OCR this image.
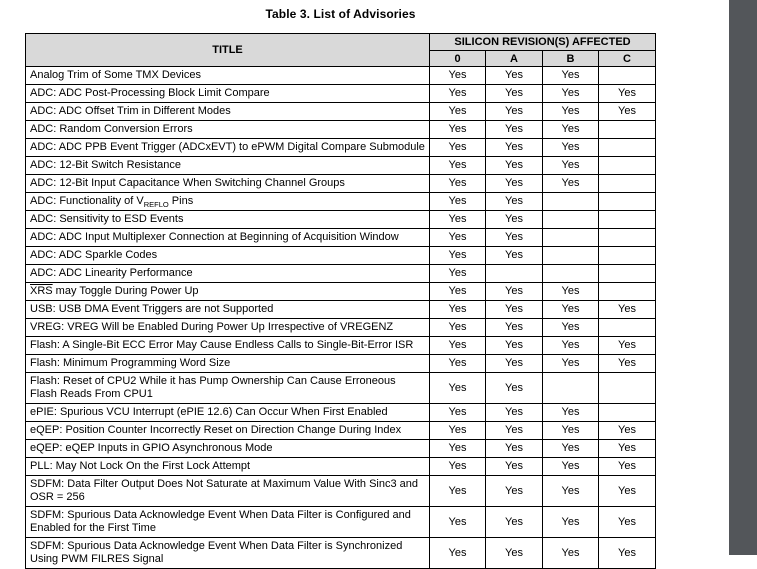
Table 3. List of Advisories
TITLE	SILICON REVISION(S) AFFECTED			
	0	A	B	C
Analog Trim of Some TMX Devices	Yes	Yes	Yes	
ADC: ADC Post-Processing Block Limit Compare	Yes	Yes	Yes	Yes
ADC: ADC Offset Trim in Different Modes	Yes	Yes	Yes	Yes
ADC: Random Conversion Errors	Yes	Yes	Yes	
ADC: ADC PPB Event Trigger (ADCxEVT) to ePWM Digital Compare Submodule	Yes	Yes	Yes	
ADC: 12-Bit Switch Resistance	Yes	Yes	Yes	
ADC: 12-Bit Input Capacitance When Switching Channel Groups	Yes	Yes	Yes	
ADC: Functionality of $V_{REFLO}$ Pins	Yes	Yes		
ADC: Sensitivity to ESD Events	Yes	Yes		
ADC: ADC Input Multiplexer Connection at Beginning of Acquisition Window	Yes	Yes		
ADC: ADC Sparkle Codes	Yes	Yes		
ADC: ADC Linearity Performance	Yes			
$\overline{XRS}$ may Toggle During Power Up	Yes	Yes	Yes	
USB: USB DMA Event Triggers are not Supported	Yes	Yes	Yes	Yes
VREG: VREG Will be Enabled During Power Up Irrespective of VREGENZ	Yes	Yes	Yes	
Flash: A Single-Bit ECC Error May Cause Endless Calls to Single-Bit-Error ISR	Yes	Yes	Yes	Yes
Flash: Minimum Programming Word Size	Yes	Yes	Yes	Yes
Flash: Reset of CPU2 While it has Pump Ownership Can Cause Erroneous Flash Reads From CPU1	Yes	Yes		
ePIE: Spurious VCU Interrupt (ePIE 12.6) Can Occur When First Enabled	Yes	Yes	Yes	
eQEP: Position Counter Incorrectly Reset on Direction Change During Index	Yes	Yes	Yes	Yes
eQEP: eQEP Inputs in GPIO Asynchronous Mode	Yes	Yes	Yes	Yes
PLL: May Not Lock On the First Lock Attempt	Yes	Yes	Yes	Yes
SDFM: Data Filter Output Does Not Saturate at Maximum Value With Sinc3 and OSR = 256	Yes	Yes	Yes	Yes
SDFM: Spurious Data Acknowledge Event When Data Filter is Configured and Enabled for the First Time	Yes	Yes	Yes	Yes
SDFM: Spurious Data Acknowledge Event When Data Filter is Synchronized Using PWM FILRES Signal	Yes	Yes	Yes	Yes
